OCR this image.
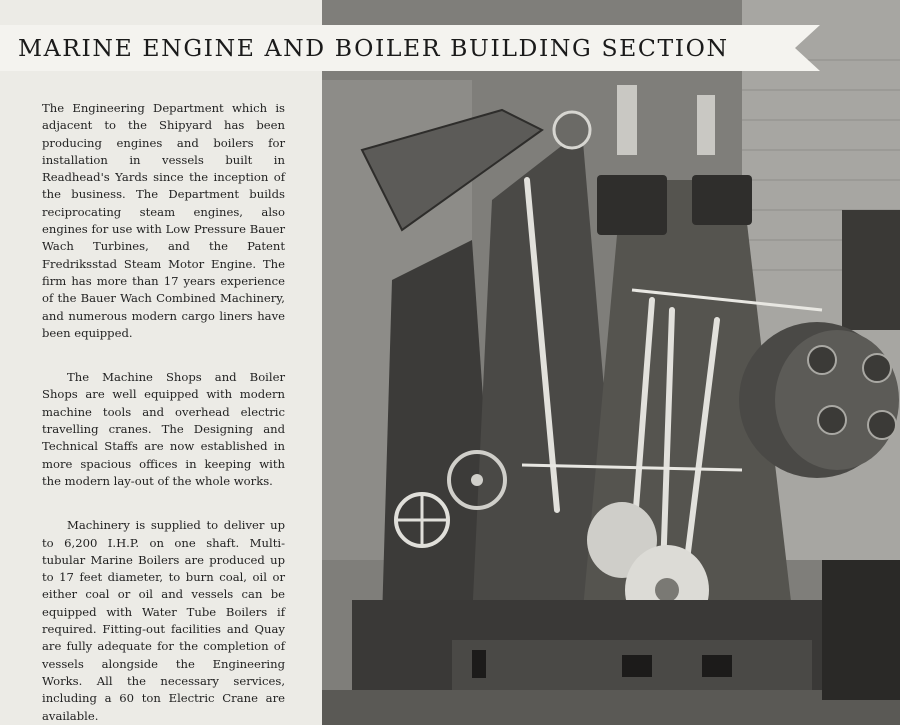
MARINE ENGINE AND BOILER BUILDING SECTION

The Engineering Department which is adjacent to the Shipyard has been producing engines and boilers for installation in vessels built in Readhead's Yards since the inception of the business. The Department builds reciprocating steam engines, also engines for use with Low Pressure Bauer Wach Turbines, and the Patent Fredriksstad Steam Motor Engine. The firm has more than 17 years experience of the Bauer Wach Combined Machinery, and numerous modern cargo liners have been equipped.

The Machine Shops and Boiler Shops are well equipped with modern machine tools and overhead electric travelling cranes. The Designing and Technical Staffs are now established in more spacious offices in keeping with the modern lay-out of the whole works.

Machinery is supplied to deliver up to 6,200 I.H.P. on one shaft. Multi-tubular Marine Boilers are produced up to 17 feet diameter, to burn coal, oil or either coal or oil and vessels can be equipped with Water Tube Boilers if required. Fitting-out facilities and Quay are fully adequate for the completion of vessels alongside the Engineering Works. All the necessary services, including a 60 ton Electric Crane are available.
